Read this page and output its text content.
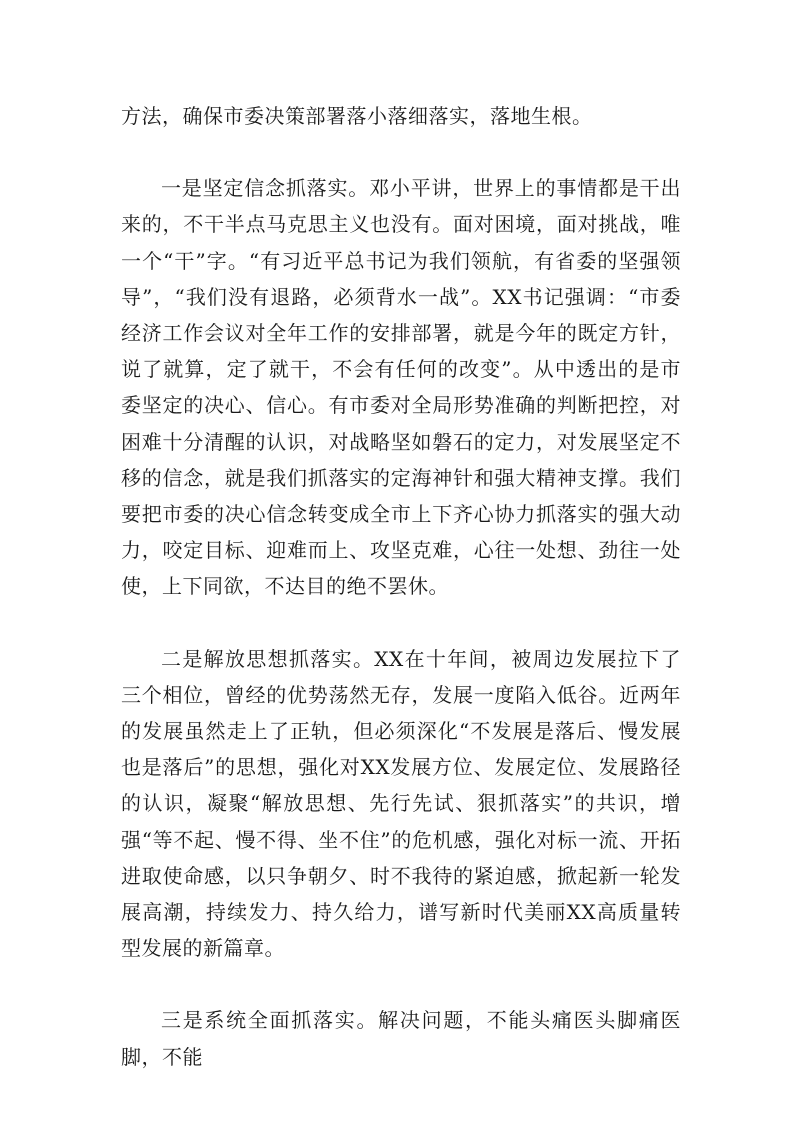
方法，确保市委决策部署落小落细落实，落地生根。

一是坚定信念抓落实。邓小平讲，世界上的事情都是干出来的，不干半点马克思主义也没有。面对困境，面对挑战，唯一个“干”字。“有习近平总书记为我们领航，有省委的坚强领导”，“我们没有退路，必须背水一战”。XX书记强调：“市委经济工作会议对全年工作的安排部署，就是今年的既定方针，说了就算，定了就干，不会有任何的改变”。从中透出的是市委坚定的决心、信心。有市委对全局形势准确的判断把控，对困难十分清醒的认识，对战略坚如磐石的定力，对发展坚定不移的信念，就是我们抓落实的定海神针和强大精神支撑。我们要把市委的决心信念转变成全市上下齐心协力抓落实的强大动力，咬定目标、迎难而上、攻坚克难，心往一处想、劲往一处使，上下同欲，不达目的绝不罢休。

二是解放思想抓落实。XX在十年间，被周边发展拉下了三个相位，曾经的优势荡然无存，发展一度陷入低谷。近两年的发展虽然走上了正轨，但必须深化“不发展是落后、慢发展也是落后”的思想，强化对XX发展方位、发展定位、发展路径的认识，凝聚“解放思想、先行先试、狠抓落实”的共识，增强“等不起、慢不得、坐不住”的危机感，强化对标一流、开拓进取使命感，以只争朝夕、时不我待的紧迫感，掀起新一轮发展高潮，持续发力、持久给力，谱写新时代美丽XX高质量转型发展的新篇章。

三是系统全面抓落实。解决问题，不能头痛医头脚痛医脚，不能
